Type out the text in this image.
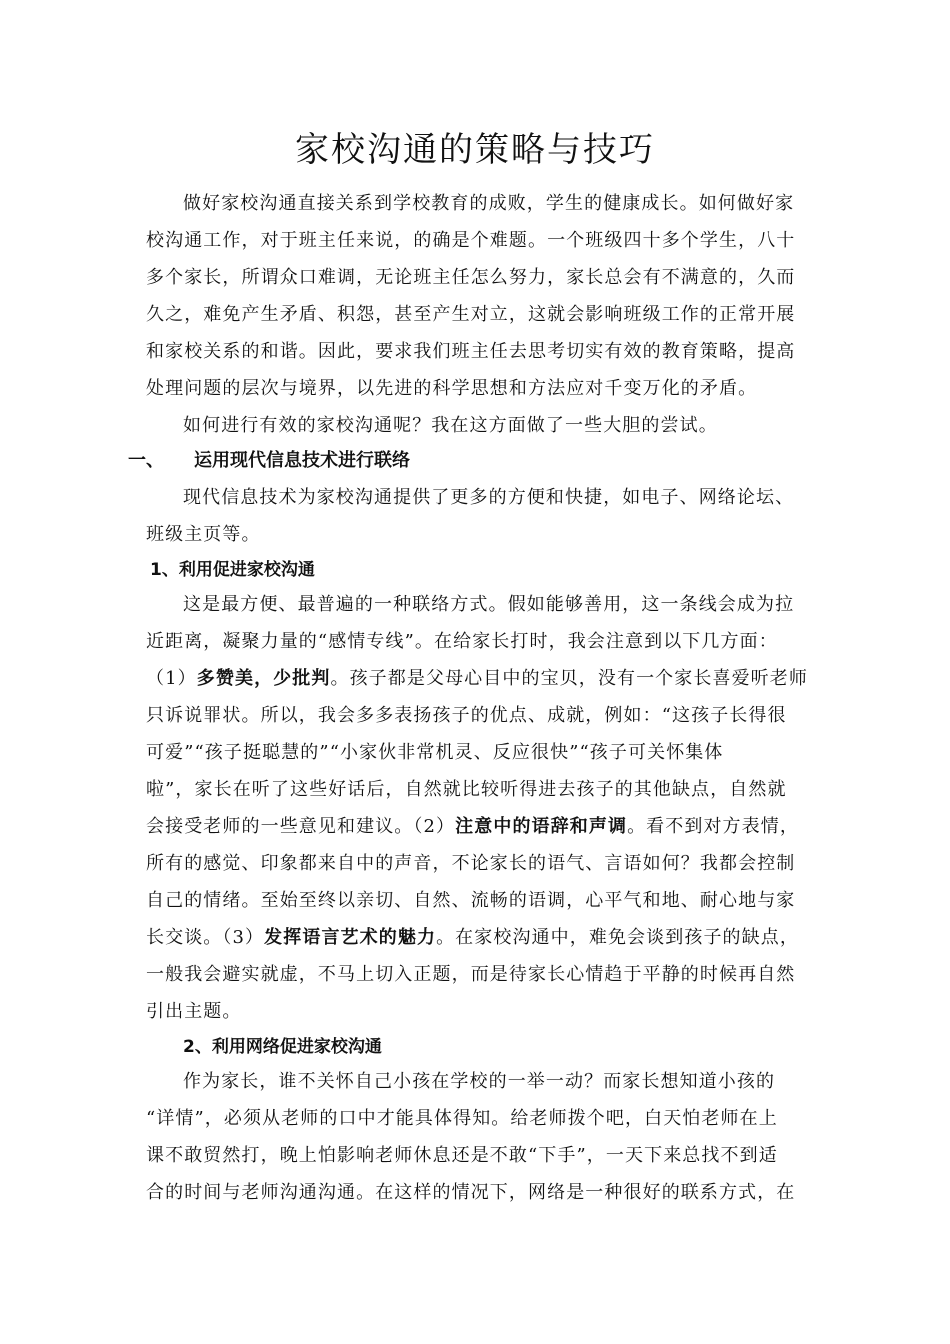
家校沟通的策略与技巧
做好家校沟通直接关系到学校教育的成败，学生的健康成长。如何做好家
校沟通工作，对于班主任来说，的确是个难题。一个班级四十多个学生，八十
多个家长，所谓众口难调，无论班主任怎么努力，家长总会有不满意的，久而
久之，难免产生矛盾、积怨，甚至产生对立，这就会影响班级工作的正常开展
和家校关系的和谐。因此，要求我们班主任去思考切实有效的教育策略，提高
处理问题的层次与境界，以先进的科学思想和方法应对千变万化的矛盾。
如何进行有效的家校沟通呢？我在这方面做了一些大胆的尝试。
一、 运用现代信息技术进行联络
现代信息技术为家校沟通提供了更多的方便和快捷，如电子、网络论坛、
班级主页等。
1、利用促进家校沟通
这是最方便、最普遍的一种联络方式。假如能够善用，这一条线会成为拉
近距离，凝聚力量的“感情专线”。在给家长打时，我会注意到以下几方面：
（1）多赞美，少批判。孩子都是父母心目中的宝贝，没有一个家长喜爱听老师
只诉说罪状。所以，我会多多表扬孩子的优点、成就，例如：“这孩子长得很
可爱”“孩子挺聪慧的”“小家伙非常机灵、反应很快”“孩子可关怀集体
啦”，家长在听了这些好话后，自然就比较听得进去孩子的其他缺点，自然就
会接受老师的一些意见和建议。（2）注意中的语辞和声调。看不到对方表情，
所有的感觉、印象都来自中的声音，不论家长的语气、言语如何？我都会控制
自己的情绪。至始至终以亲切、自然、流畅的语调，心平气和地、耐心地与家
长交谈。（3）发挥语言艺术的魅力。在家校沟通中，难免会谈到孩子的缺点，
一般我会避实就虚，不马上切入正题，而是待家长心情趋于平静的时候再自然
引出主题。
2、利用网络促进家校沟通
作为家长，谁不关怀自己小孩在学校的一举一动？而家长想知道小孩的
“详情”，必须从老师的口中才能具体得知。给老师拨个吧，白天怕老师在上
课不敢贸然打，晚上怕影响老师休息还是不敢“下手”，一天下来总找不到适
合的时间与老师沟通沟通。在这样的情况下，网络是一种很好的联系方式，在
